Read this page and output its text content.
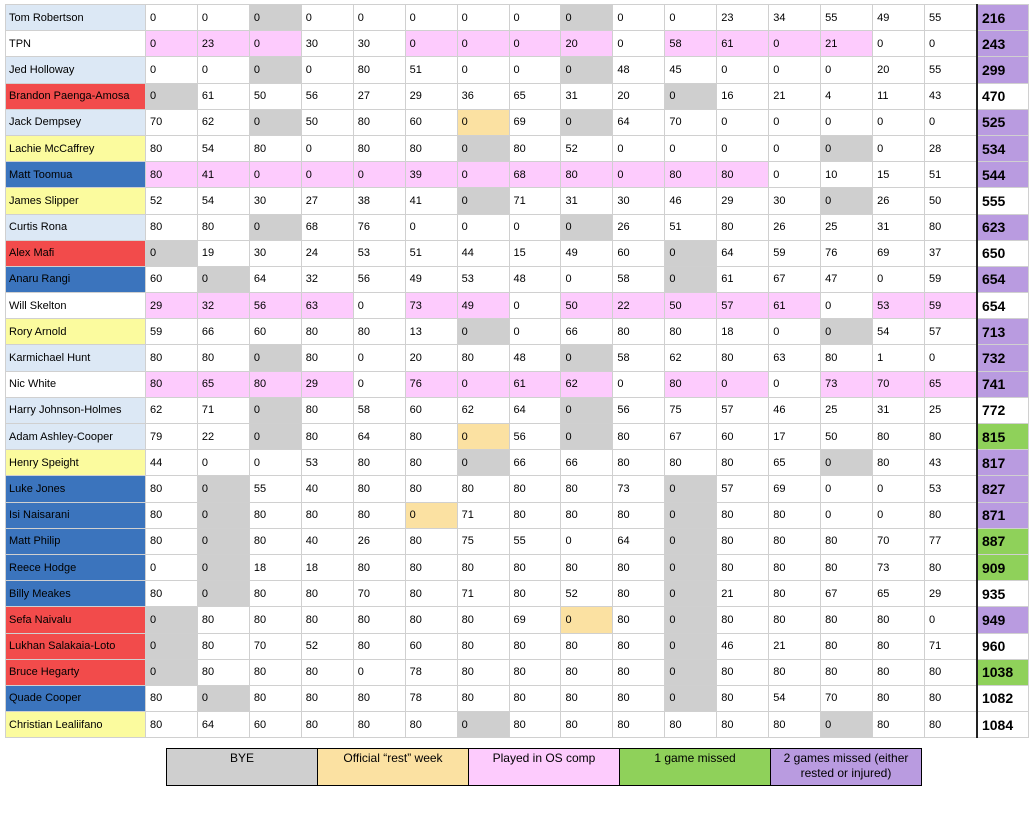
Tom Robertson	0	0	0	0	0	0	0	0	0	0	0	23	34	55	49	55	216
TPN	0	23	0	30	30	0	0	0	20	0	58	61	0	21	0	0	243
Jed Holloway	0	0	0	0	80	51	0	0	0	48	45	0	0	0	20	55	299
Brandon Paenga-Amosa	0	61	50	56	27	29	36	65	31	20	0	16	21	4	11	43	470
Jack Dempsey	70	62	0	50	80	60	0	69	0	64	70	0	0	0	0	0	525
Lachie McCaffrey	80	54	80	0	80	80	0	80	52	0	0	0	0	0	0	28	534
Matt Toomua	80	41	0	0	0	39	0	68	80	0	80	80	0	10	15	51	544
James Slipper	52	54	30	27	38	41	0	71	31	30	46	29	30	0	26	50	555
Curtis Rona	80	80	0	68	76	0	0	0	0	26	51	80	26	25	31	80	623
Alex Mafi	0	19	30	24	53	51	44	15	49	60	0	64	59	76	69	37	650
Anaru Rangi	60	0	64	32	56	49	53	48	0	58	0	61	67	47	0	59	654
Will Skelton	29	32	56	63	0	73	49	0	50	22	50	57	61	0	53	59	654
Rory Arnold	59	66	60	80	80	13	0	0	66	80	80	18	0	0	54	57	713
Karmichael Hunt	80	80	0	80	0	20	80	48	0	58	62	80	63	80	1	0	732
Nic White	80	65	80	29	0	76	0	61	62	0	80	0	0	73	70	65	741
Harry Johnson-Holmes	62	71	0	80	58	60	62	64	0	56	75	57	46	25	31	25	772
Adam Ashley-Cooper	79	22	0	80	64	80	0	56	0	80	67	60	17	50	80	80	815
Henry Speight	44	0	0	53	80	80	0	66	66	80	80	80	65	0	80	43	817
Luke Jones	80	0	55	40	80	80	80	80	80	73	0	57	69	0	0	53	827
Isi Naisarani	80	0	80	80	80	0	71	80	80	80	0	80	80	0	0	80	871
Matt Philip	80	0	80	40	26	80	75	55	0	64	0	80	80	80	70	77	887
Reece Hodge	0	0	18	18	80	80	80	80	80	80	0	80	80	80	73	80	909
Billy Meakes	80	0	80	80	70	80	71	80	52	80	0	21	80	67	65	29	935
Sefa Naivalu	0	80	80	80	80	80	80	69	0	80	0	80	80	80	80	0	949
Lukhan Salakaia-Loto	0	80	70	52	80	60	80	80	80	80	0	46	21	80	80	71	960
Bruce Hegarty	0	80	80	80	0	78	80	80	80	80	0	80	80	80	80	80	1038
Quade Cooper	80	0	80	80	80	78	80	80	80	80	0	80	54	70	80	80	1082
Christian Lealiifano	80	64	60	80	80	80	0	80	80	80	80	80	80	0	80	80	1084
BYE	Official “rest” week	Played in OS comp	1 game missed	2 games missed (either rested or injured)
